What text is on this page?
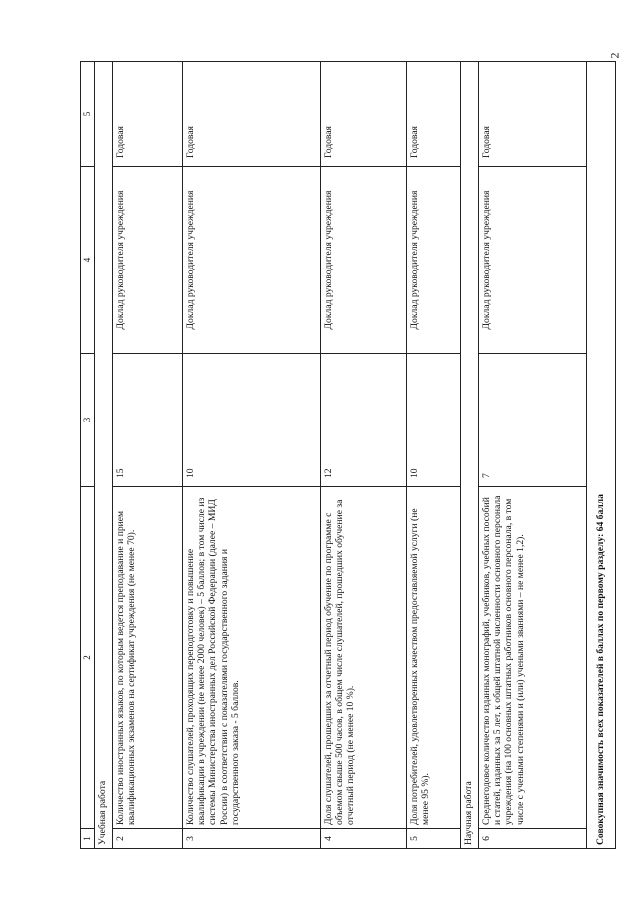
2
1	2	3	4	5
Учебная работа				
2	Количество иностранных языков, по которым ведется преподавание и прием квалификационных экзаменов на сертификат учреждения (не менее 70).	15	Доклад руководителя учреждения	Годовая
3	Количество слушателей, проходящих переподготовку и повышение квалификации в учреждении (не менее 2000 человек) – 5 баллов; в том числе из системы Министерства иностранных дел Российской Федерации (далее – МИД России) в соответствии с показателями государственного задания и государственного заказа - 5 баллов.	10	Доклад руководителя учреждения	Годовая
4	Доля слушателей, прошедших за отчетный период обучение по программе с объемом свыше 500 часов, в общем числе слушателей, прошедших обучение за отчетный период (не менее 10 %).	12	Доклад руководителя учреждения	Годовая
5	Доля потребителей, удовлетворенных качеством предоставляемой услуги (не менее 95 %).	10	Доклад руководителя учреждения	Годовая
Научная работа				
6	Среднегодовое количество изданных монографий, учебников, учебных пособий и статей, изданных за 5 лет, к общей штатной численности основного персонала учреждения (на 100 основных штатных работников основного персонала, в том числе с учеными степенями и (или) учеными званиями – не менее 1,2).	7	Доклад руководителя учреждения	Годовая
Совокупная значимость всех показателей в баллах по первому разделу: 64 балла				
